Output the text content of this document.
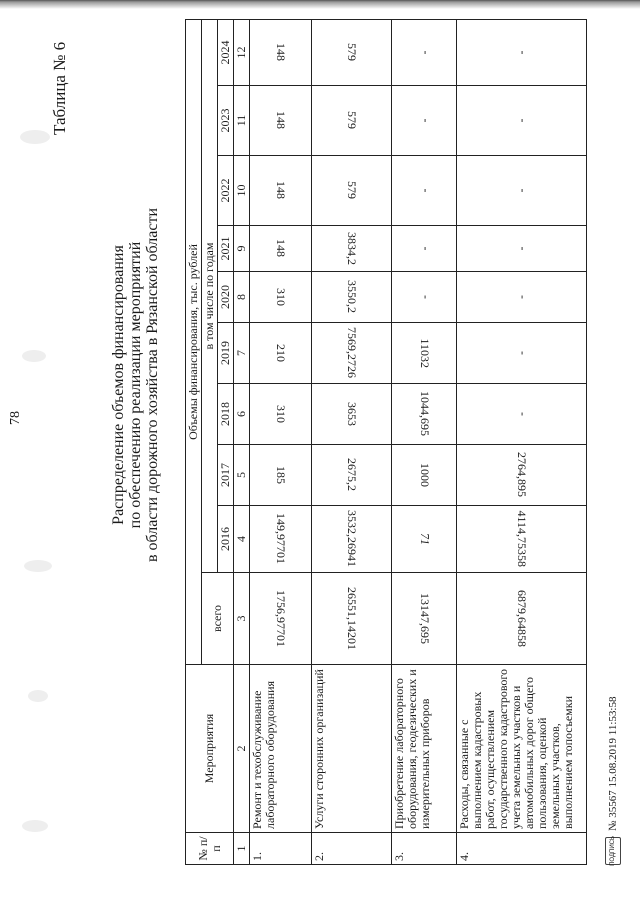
78
Таблица № 6
Распределение объемов финансирования по обеспечению реализации мероприятий в области дорожного хозяйства в Рязанской области
№ п/п	Мероприятия	Объемы финансирования, тыс. рублей									
		всего	в том числе по годам								
			2016	2017	2018	2019	2020	2021	2022	2023	2024
1	2	3	4	5	6	7	8	9	10	11	12
1.	Ремонт и техобслуживание лабораторного оборудования	1756,97701	149,97701	185	310	210	310	148	148	148	148
2.	Услуги сторонних организаций	26551,14201	3532,26941	2675,2	3653	7569,2726	3550,2	3834,2	579	579	579
3.	Приобретение лабораторного оборудования, геодезических и измерительных приборов	13147,695	71	1000	1044,695	11032	-	-	-	-	-
4.	Расходы, связанные с выполнением кадастровых работ, осуществлением государственного кадастрового учета земельных участков и автомобильных дорог общего пользования, оценкой земельных участков, выполнением топосъемки	6879,64858	4114,75358	2764,895	-	-	-	-	-	-	-
ПОДПИСЬ
№ 35567 15.08.2019 11:53:58
